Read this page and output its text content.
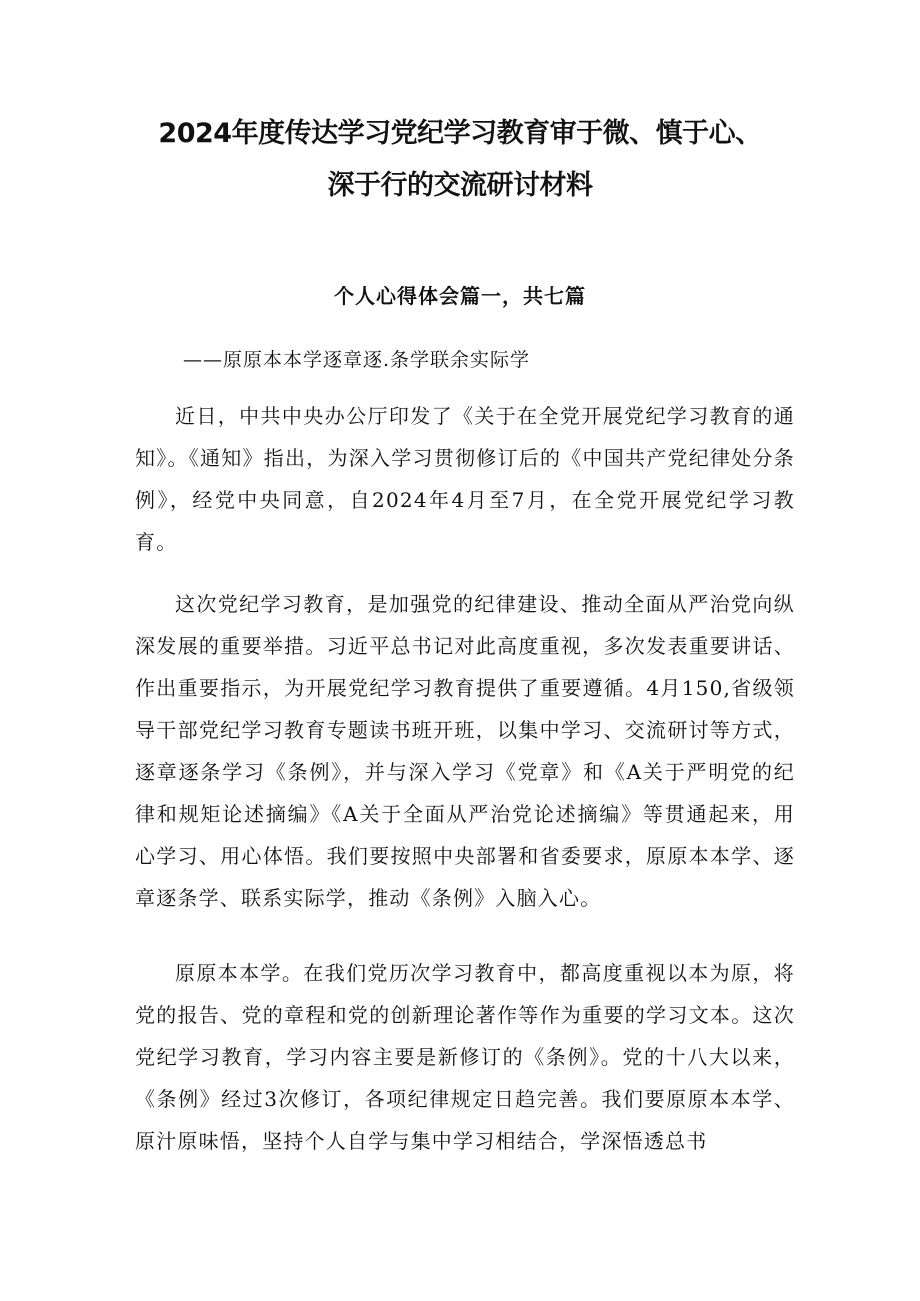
2024年度传达学习党纪学习教育审于微、慎于心、
深于行的交流研讨材料
个人心得体会篇一，共七篇
——原原本本学逐章逐.条学联余实际学

近日，中共中央办公厅印发了《关于在全党开展党纪学习教育的通知》。《通知》指出，为深入学习贯彻修订后的《中国共产党纪律处分条例》，经党中央同意，自2024年4月至7月，在全党开展党纪学习教育。

这次党纪学习教育，是加强党的纪律建设、推动全面从严治党向纵深发展的重要举措。习近平总书记对此高度重视，多次发表重要讲话、作出重要指示，为开展党纪学习教育提供了重要遵循。4月150,省级领导干部党纪学习教育专题读书班开班，以集中学习、交流研讨等方式，逐章逐条学习《条例》，并与深入学习《党章》和《A关于严明党的纪律和规矩论述摘编》《A关于全面从严治党论述摘编》等贯通起来，用心学习、用心体悟。我们要按照中央部署和省委要求，原原本本学、逐章逐条学、联系实际学，推动《条例》入脑入心。

原原本本学。在我们党历次学习教育中，都高度重视以本为原，将党的报告、党的章程和党的创新理论著作等作为重要的学习文本。这次党纪学习教育，学习内容主要是新修订的《条例》。党的十八大以来，《条例》经过3次修订，各项纪律规定日趋完善。我们要原原本本学、原汁原味悟，坚持个人自学与集中学习相结合，学深悟透总书
